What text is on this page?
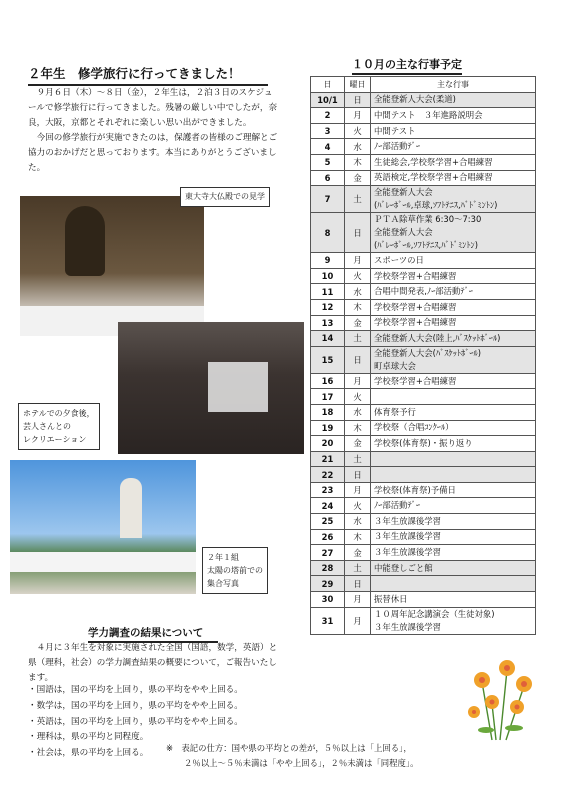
２年生　修学旅行に行ってきました！

９月６日（木）～８日（金），２年生は，２泊３日のスケジュールで修学旅行に行ってきました。残暑の厳しい中でしたが，奈良，大阪，京都とそれぞれに楽しい思い出ができました。

今回の修学旅行が実施できたのは，保護者の皆様のご理解とご協力のおかげだと思っております。本当にありがとうございました。

東大寺大仏殿での見学
ホテルでの夕食後，
芸人さんとの
レクリエーション
２年１組
太陽の塔前での
集合写真
学力調査の結果について

４月に３年生を対象に実施された全国（国語，数学，英語）と県（理科，社会）の学力調査結果の概要について，ご報告いたします。

・国語は，国の平均を上回り，県の平均をやや上回る。
・数学は，国の平均を上回り，県の平均をやや上回る。
・英語は，国の平均を上回り，県の平均をやや上回る。
・理科は，県の平均と同程度。
・社会は，県の平均を上回る。
※　表記の仕方：国や県の平均との差が，５％以上は「上回る」，
２％以上～５％未満は「やや上回る」，２％未満は「同程度」。
１０月の主な行事予定
日	曜日	主な行事
10/1	日	全能登新人大会(柔道)

2	月	中間テスト　３年進路説明会

3	火	中間テスト

4	水	ﾉｰ部活動ﾃﾞｰ

5	木	生徒総会,学校祭学習+合唱練習

6	金	英語検定,学校祭学習+合唱練習

7	土	全能登新人大会
(ﾊﾞﾚｰﾎﾞｰﾙ,卓球,ｿﾌﾄﾃﾆｽ,ﾊﾞﾄﾞﾐﾝﾄﾝ)

8	日	ＰＴＡ除草作業 6:30～7:30
全能登新人大会
(ﾊﾞﾚｰﾎﾞｰﾙ,ｿﾌﾄﾃﾆｽ,ﾊﾞﾄﾞﾐﾝﾄﾝ)

9	月	スポーツの日

10	火	学校祭学習+合唱練習

11	水	合唱中間発表,ﾉｰ部活動ﾃﾞｰ

12	木	学校祭学習+合唱練習

13	金	学校祭学習+合唱練習

14	土	全能登新人大会(陸上,ﾊﾞｽｹｯﾄﾎﾞｰﾙ)

15	日	全能登新人大会(ﾊﾞｽｹｯﾄﾎﾞｰﾙ)
町卓球大会

16	月	学校祭学習+合唱練習

17	火	

18	水	体育祭予行

19	木	学校祭（合唱ｺﾝｸｰﾙ）

20	金	学校祭(体育祭)・振り返り

21	土	

22	日	

23	月	学校祭(体育祭)予備日

24	火	ﾉｰ部活動ﾃﾞｰ

25	水	３年生放課後学習

26	木	３年生放課後学習

27	金	３年生放課後学習

28	土	中能登しごと館

29	日	

30	月	振替休日

31	月	１０周年記念講演会（生徒対象)
３年生放課後学習
